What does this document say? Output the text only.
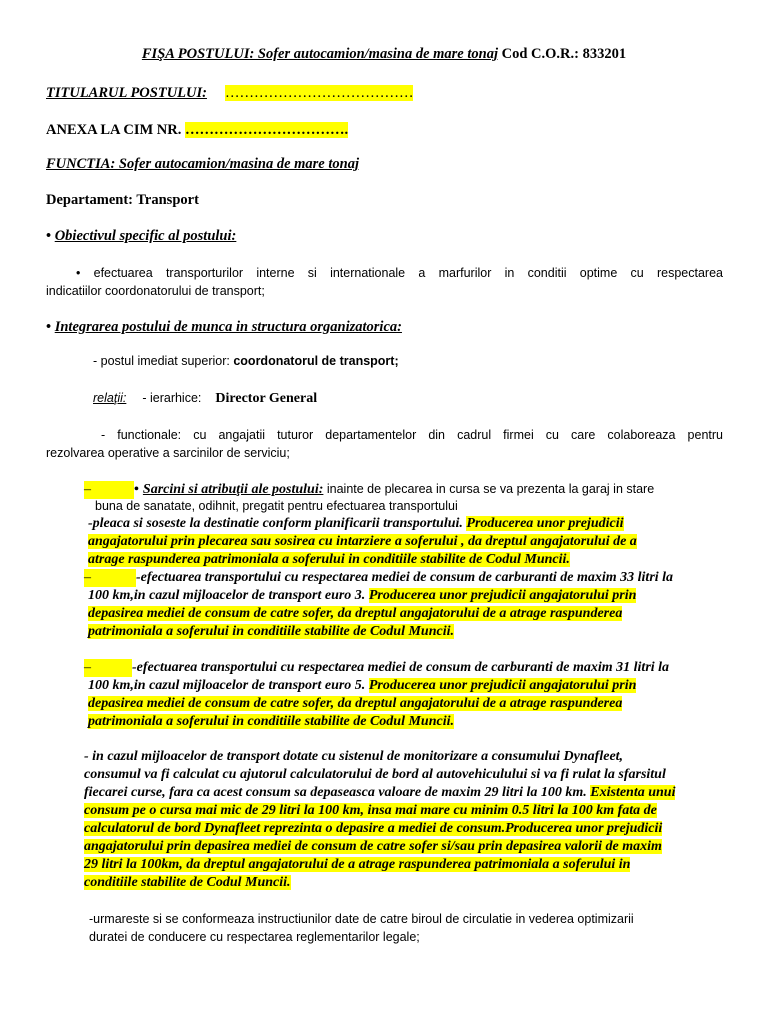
FIŞA POSTULUI: Sofer autocamion/masina de mare tonaj Cod C.O.R.: 833201
TITULARUL POSTULUI: …………………………………
ANEXA LA CIM NR. …………………………….
FUNCTIA: Sofer autocamion/masina de mare tonaj
Departament: Transport
• Obiectivul specific al postului:
• efectuarea transporturilor interne si internationale a marfurilor in conditii optime cu respectarea
indicatiilor coordonatorului de transport;
• Integrarea postului de munca in structura organizatorica:
- postul imediat superior: coordonatorul de transport;
relaţii: - ierarhice: Director General
- functionale: cu angajatii tuturor departamentelor din cadrul firmei cu care colaboreaza pentru
rezolvarea operative a sarcinilor de serviciu;
–	• Sarcini si atribuţii ale postului: inainte de plecarea in cursa se va prezenta la garaj in stare
buna de sanatate, odihnit, pregatit pentru efectuarea transportului
-pleaca si soseste la destinatie conform planificarii transportului. Producerea unor prejudicii
angajatorului prin plecarea sau sosirea cu intarziere a soferului , da dreptul angajatorului de a
atrage raspunderea patrimoniala a soferului in conditiile stabilite de Codul Muncii.
–	-efectuarea transportului cu respectarea mediei de consum de carburanti de maxim 33 litri la
100 km,in cazul mijloacelor de transport euro 3. Producerea unor prejudicii angajatorului prin
depasirea mediei de consum de catre sofer, da dreptul angajatorului de a atrage raspunderea
patrimoniala a soferului in conditiile stabilite de Codul Muncii.
–	-efectuarea transportului cu respectarea mediei de consum de carburanti de maxim 31 litri la
100 km,in cazul mijloacelor de transport euro 5. Producerea unor prejudicii angajatorului prin
depasirea mediei de consum de catre sofer, da dreptul angajatorului de a atrage raspunderea
patrimoniala a soferului in conditiile stabilite de Codul Muncii.
- in cazul mijloacelor de transport dotate cu sistenul de monitorizare a consumului Dynafleet,
consumul va fi calculat cu ajutorul calculatorului de bord al autovehiculului si va fi rulat la sfarsitul
fiecarei curse, fara ca acest consum sa depaseasca valoare de maxim 29 litri la 100 km. Existenta unui
consum pe o cursa mai mic de 29 litri la 100 km, insa mai mare cu minim 0.5 litri la 100 km fata de
calculatorul de bord Dynafleet reprezinta o depasire a mediei de consum.Producerea unor prejudicii
angajatorului prin depasirea mediei de consum de catre sofer si/sau prin depasirea valorii de maxim
29 litri la 100km, da dreptul angajatorului de a atrage raspunderea patrimoniala a soferului in
conditiile stabilite de Codul Muncii.
-urmareste si se conformeaza instructiunilor date de catre biroul de circulatie in vederea optimizarii
duratei de conducere cu respectarea reglementarilor legale;
